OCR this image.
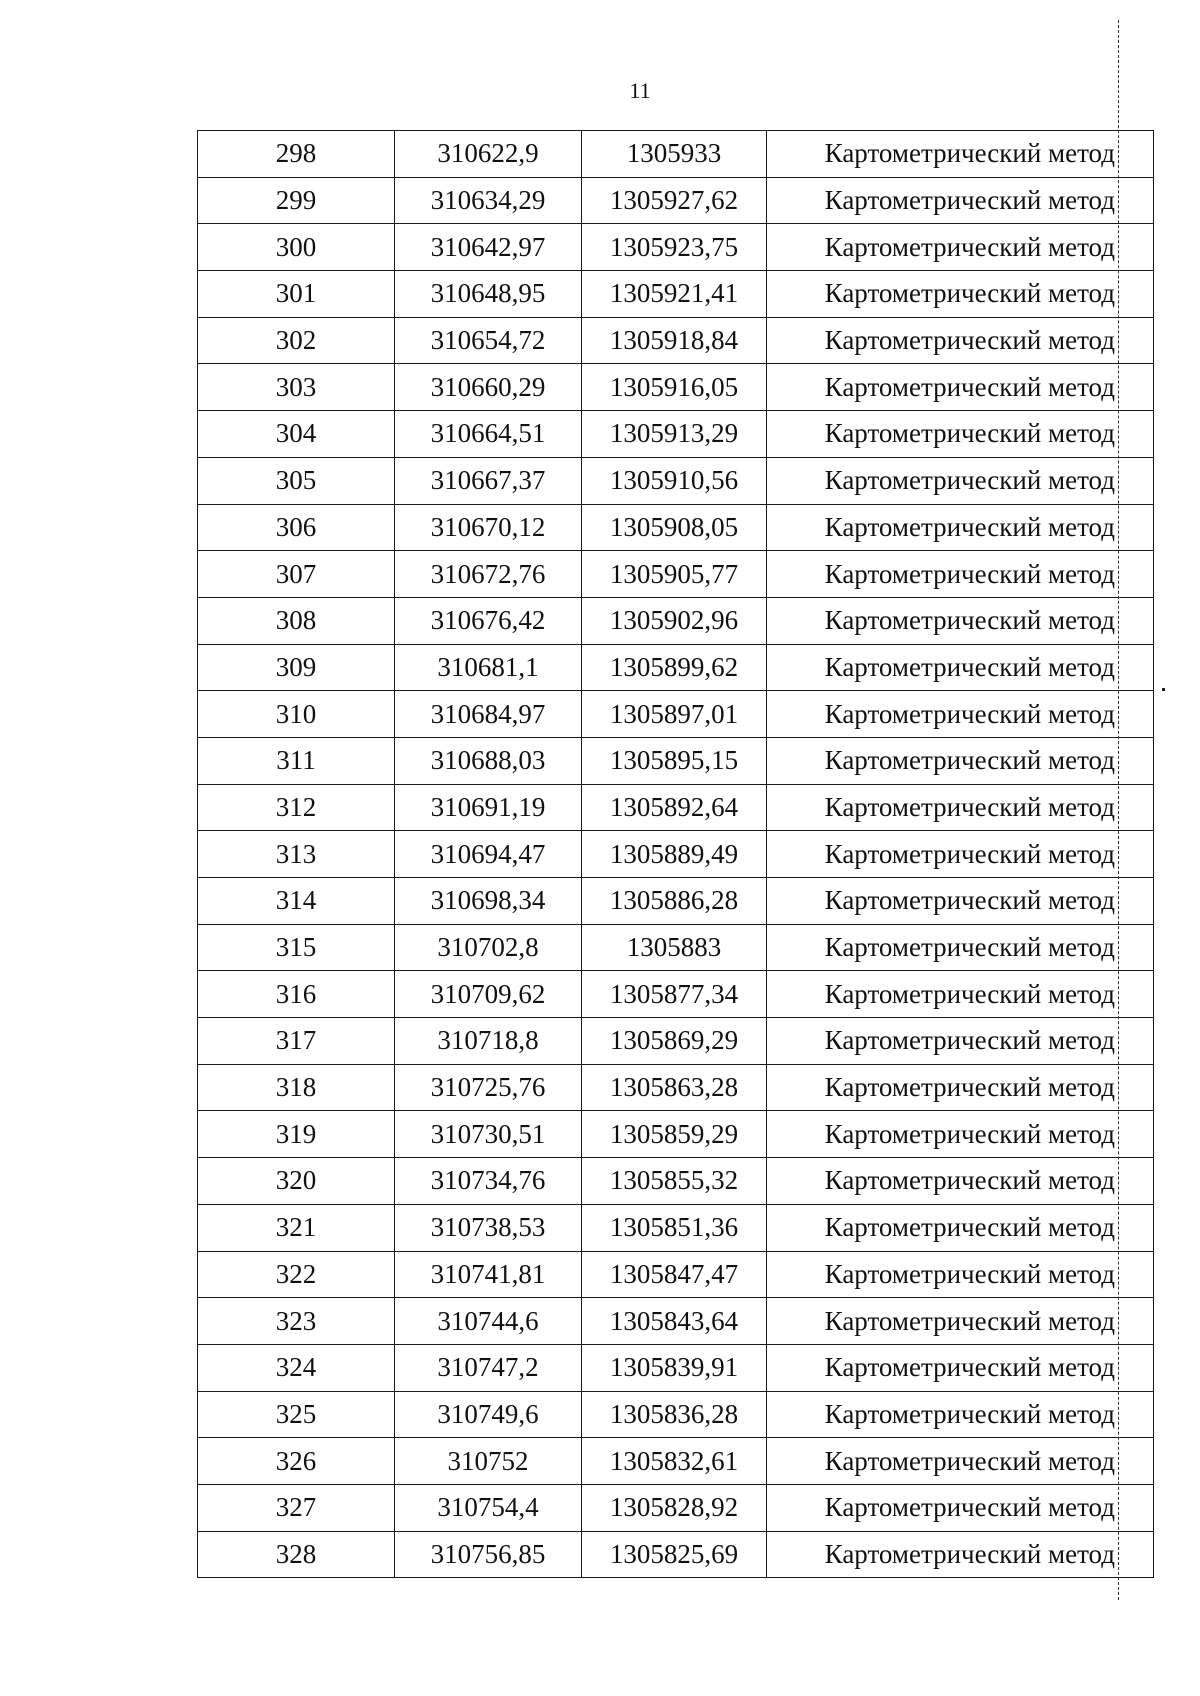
11
298	310622,9	1305933	Картометрический метод
299	310634,29	1305927,62	Картометрический метод
300	310642,97	1305923,75	Картометрический метод
301	310648,95	1305921,41	Картометрический метод
302	310654,72	1305918,84	Картометрический метод
303	310660,29	1305916,05	Картометрический метод
304	310664,51	1305913,29	Картометрический метод
305	310667,37	1305910,56	Картометрический метод
306	310670,12	1305908,05	Картометрический метод
307	310672,76	1305905,77	Картометрический метод
308	310676,42	1305902,96	Картометрический метод
309	310681,1	1305899,62	Картометрический метод
310	310684,97	1305897,01	Картометрический метод
311	310688,03	1305895,15	Картометрический метод
312	310691,19	1305892,64	Картометрический метод
313	310694,47	1305889,49	Картометрический метод
314	310698,34	1305886,28	Картометрический метод
315	310702,8	1305883	Картометрический метод
316	310709,62	1305877,34	Картометрический метод
317	310718,8	1305869,29	Картометрический метод
318	310725,76	1305863,28	Картометрический метод
319	310730,51	1305859,29	Картометрический метод
320	310734,76	1305855,32	Картометрический метод
321	310738,53	1305851,36	Картометрический метод
322	310741,81	1305847,47	Картометрический метод
323	310744,6	1305843,64	Картометрический метод
324	310747,2	1305839,91	Картометрический метод
325	310749,6	1305836,28	Картометрический метод
326	310752	1305832,61	Картометрический метод
327	310754,4	1305828,92	Картометрический метод
328	310756,85	1305825,69	Картометрический метод
